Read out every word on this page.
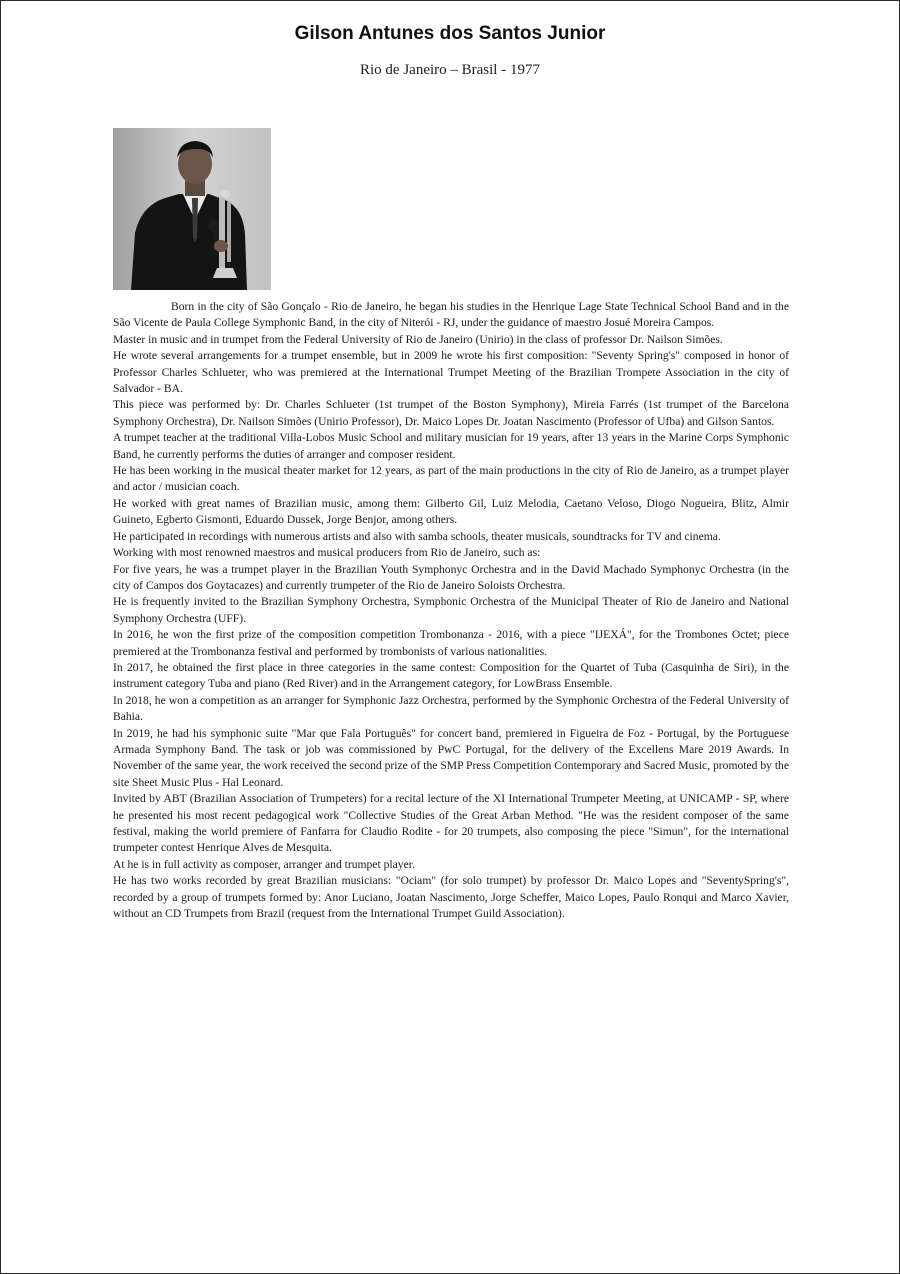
Gilson Antunes dos Santos Junior
Rio de Janeiro – Brasil - 1977

Born in the city of São Gonçalo - Rio de Janeiro, he began his studies in the Henrique Lage State Technical School Band and in the São Vicente de Paula College Symphonic Band, in the city of Niterói - RJ, under the guidance of maestro Josué Moreira Campos.

Master in music and in trumpet from the Federal University of Rio de Janeiro (Unirio) in the class of professor Dr. Nailson Simões.

He wrote several arrangements for a trumpet ensemble, but in 2009 he wrote his first composition: "Seventy Spring's" composed in honor of Professor Charles Schlueter, who was premiered at the International Trumpet Meeting of the Brazilian Trompete Association in the city of Salvador - BA.

This piece was performed by: Dr. Charles Schlueter (1st trumpet of the Boston Symphony), Mireia Farrés (1st trumpet of the Barcelona Symphony Orchestra), Dr. Nailson Simões (Unirio Professor), Dr. Maico Lopes Dr. Joatan Nascimento (Professor of Ufba) and Gilson Santos.

A trumpet teacher at the traditional Villa-Lobos Music School and military musician for 19 years, after 13 years in the Marine Corps Symphonic Band, he currently performs the duties of arranger and composer resident.

He has been working in the musical theater market for 12 years, as part of the main productions in the city of Rio de Janeiro, as a trumpet player and actor / musician coach.

He worked with great names of Brazilian music, among them: Gilberto Gil, Luiz Melodia, Caetano Veloso, Diogo Nogueira, Blitz, Almir Guineto, Egberto Gismonti, Eduardo Dussek, Jorge Benjor, among others.

He participated in recordings with numerous artists and also with samba schools, theater musicals, soundtracks for TV and cinema.

Working with most renowned maestros and musical producers from Rio de Janeiro, such as:

For five years, he was a trumpet player in the Brazilian Youth Symphonyc Orchestra and in the David Machado Symphonyc Orchestra (in the city of Campos dos Goytacazes) and currently trumpeter of the Rio de Janeiro Soloists Orchestra.

He is frequently invited to the Brazilian Symphony Orchestra, Symphonic Orchestra of the Municipal Theater of Rio de Janeiro and National Symphony Orchestra (UFF).

In 2016, he won the first prize of the composition competition Trombonanza - 2016, with a piece "IJEXÁ", for the Trombones Octet; piece premiered at the Trombonanza festival and performed by trombonists of various nationalities.

In 2017, he obtained the first place in three categories in the same contest: Composition for the Quartet of Tuba (Casquinha de Siri), in the instrument category Tuba and piano (Red River) and in the Arrangement category, for LowBrass Ensemble.

In 2018, he won a competition as an arranger for Symphonic Jazz Orchestra, performed by the Symphonic Orchestra of the Federal University of Bahia.

In 2019, he had his symphonic suite "Mar que Fala Português" for concert band, premiered in Figueira de Foz - Portugal, by the Portuguese Armada Symphony Band. The task or job was commissioned by PwC Portugal, for the delivery of the Excellens Mare 2019 Awards. In November of the same year, the work received the second prize of the SMP Press Competition Contemporary and Sacred Music, promoted by the site Sheet Music Plus - Hal Leonard.

Invited by ABT (Brazilian Association of Trumpeters) for a recital lecture of the XI International Trumpeter Meeting, at UNICAMP - SP, where he presented his most recent pedagogical work "Collective Studies of the Great Arban Method. "He was the resident composer of the same festival, making the world premiere of Fanfarra for Claudio Rodite - for 20 trumpets, also composing the piece "Simun", for the international trumpeter contest Henrique Alves de Mesquita.

At he is in full activity as composer, arranger and trumpet player.

He has two works recorded by great Brazilian musicians: "Ociam" (for solo trumpet) by professor Dr. Maico Lopes and "SeventySpring's", recorded by a group of trumpets formed by: Anor Luciano, Joatan Nascimento, Jorge Scheffer, Maico Lopes, Paulo Ronqui and Marco Xavier, without an CD Trumpets from Brazil (request from the International Trumpet Guild Association).
